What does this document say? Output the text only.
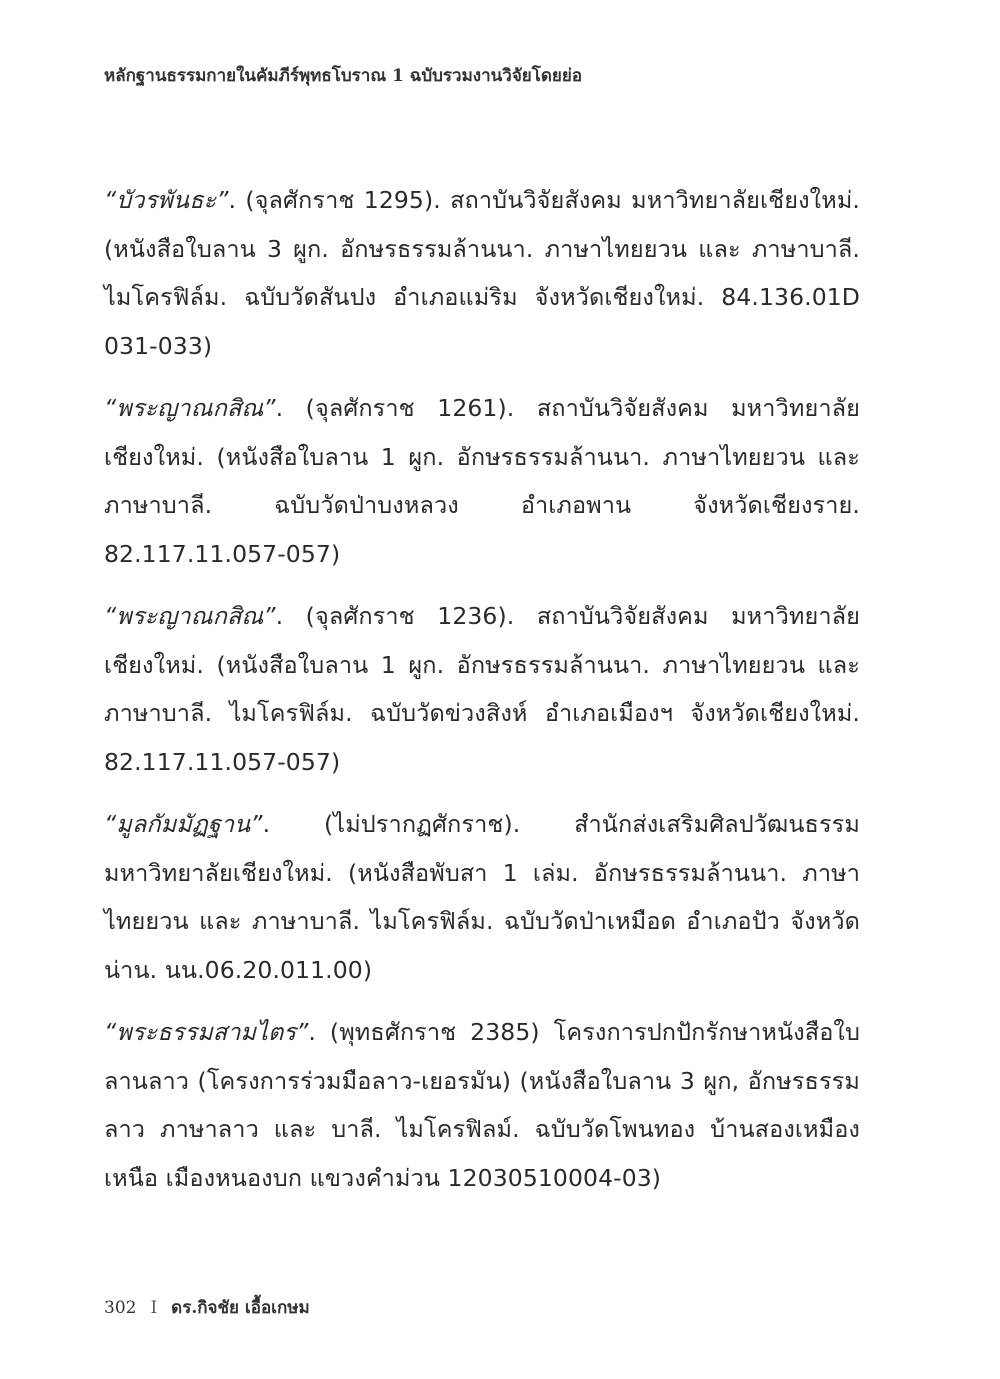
หลักฐานธรรมกายในคัมภีร์พุทธโบราณ 1 ฉบับรวมงานวิจัยโดยย่อ

“บัวรพันธะ”. (จุลศักราช 1295). สถาบันวิจัยสังคม มหาวิทยาลัยเชียงใหม่. (หนังสือใบลาน 3 ผูก. อักษรธรรมล้านนา. ภาษาไทยยวน และ ภาษาบาลี. ไมโครฟิล์ม. ฉบับวัดสันปง อำเภอแม่ริม จังหวัดเชียงใหม่. 84.136.01D 031-033)

“พระญาณกสิณ”. (จุลศักราช 1261). สถาบันวิจัยสังคม มหาวิทยาลัยเชียงใหม่. (หนังสือใบลาน 1 ผูก. อักษรธรรมล้านนา. ภาษาไทยยวน และ ภาษาบาลี. ฉบับวัดป่าบงหลวง อำเภอพาน จังหวัดเชียงราย. 82.117.11.057-057)

“พระญาณกสิณ”. (จุลศักราช 1236). สถาบันวิจัยสังคม มหาวิทยาลัยเชียงใหม่. (หนังสือใบลาน 1 ผูก. อักษรธรรมล้านนา. ภาษาไทยยวน และ ภาษาบาลี. ไมโครฟิล์ม. ฉบับวัดข่วงสิงห์ อำเภอเมืองฯ จังหวัดเชียงใหม่. 82.117.11.057-057)

“มูลกัมมัฏฐาน”. (ไม่ปรากฏศักราช). สำนักส่งเสริมศิลปวัฒนธรรม มหาวิทยาลัยเชียงใหม่. (หนังสือพับสา 1 เล่ม. อักษรธรรมล้านนา. ภาษาไทยยวน และ ภาษาบาลี. ไมโครฟิล์ม. ฉบับวัดป่าเหมือด อำเภอปัว จังหวัดน่าน. นน.06.20.011.00)

“พระธรรมสามไตร”. (พุทธศักราช 2385) โครงการปกปักรักษาหนังสือใบลานลาว (โครงการร่วมมือลาว-เยอรมัน) (หนังสือใบลาน 3 ผูก, อักษรธรรมลาว ภาษาลาว และ บาลี. ไมโครฟิลม์. ฉบับวัดโพนทอง บ้านสองเหมืองเหนือ เมืองหนองบก แขวงคำม่วน 12030510004-03)

302 I ดร.กิจชัย เอื้อเกษม
